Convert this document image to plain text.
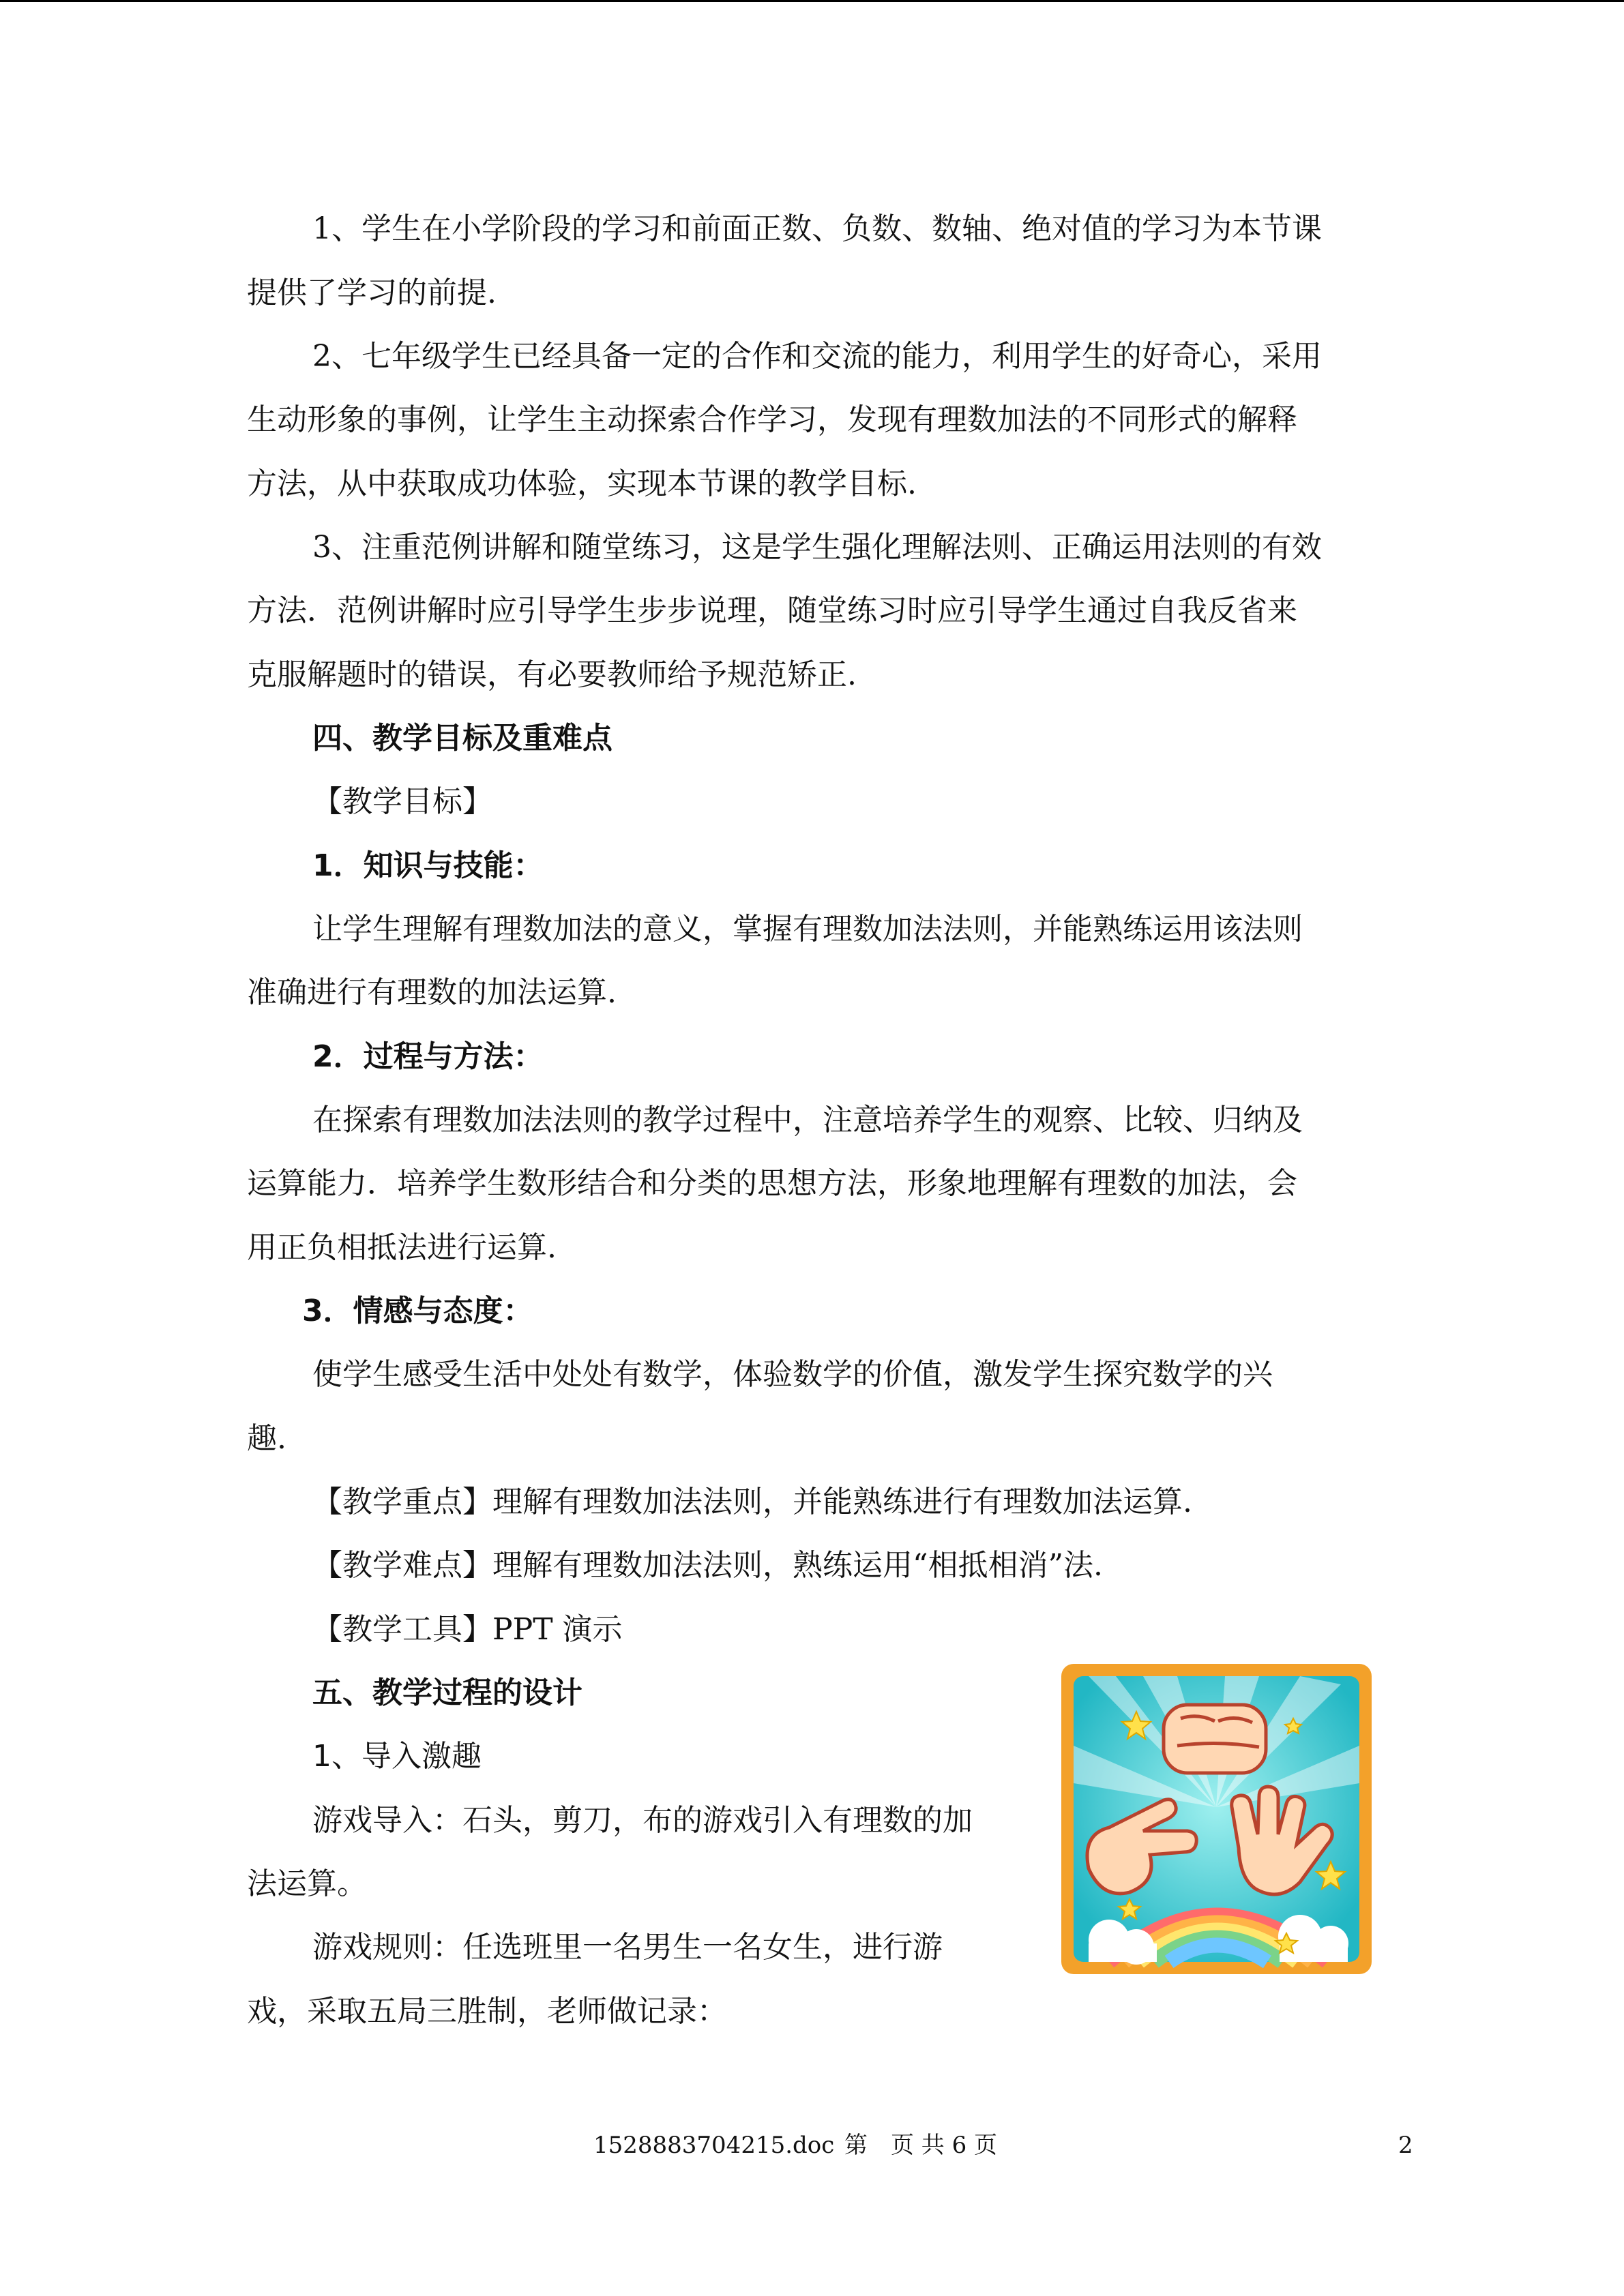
1、学生在小学阶段的学习和前面正数、负数、数轴、绝对值的学习为本节课
提供了学习的前提.
2、七年级学生已经具备一定的合作和交流的能力，利用学生的好奇心，采用
生动形象的事例，让学生主动探索合作学习，发现有理数加法的不同形式的解释
方法，从中获取成功体验，实现本节课的教学目标.
3、注重范例讲解和随堂练习，这是学生强化理解法则、正确运用法则的有效
方法．范例讲解时应引导学生步步说理，随堂练习时应引导学生通过自我反省来
克服解题时的错误，有必要教师给予规范矫正.
四、教学目标及重难点
【教学目标】
1．知识与技能：
让学生理解有理数加法的意义，掌握有理数加法法则，并能熟练运用该法则
准确进行有理数的加法运算.
2．过程与方法：
在探索有理数加法法则的教学过程中，注意培养学生的观察、比较、归纳及
运算能力．培养学生数形结合和分类的思想方法，形象地理解有理数的加法，会
用正负相抵法进行运算.
3．情感与态度：
使学生感受生活中处处有数学，体验数学的价值，激发学生探究数学的兴
趣.
【教学重点】理解有理数加法法则，并能熟练进行有理数加法运算.
【教学难点】理解有理数加法法则，熟练运用“相抵相消”法.
【教学工具】PPT 演示
五、教学过程的设计
1、导入激趣
游戏导入：石头，剪刀，布的游戏引入有理数的加
法运算。
游戏规则：任选班里一名男生一名女生，进行游
戏，采取五局三胜制，老师做记录：
1528883704215.doc 第　页 共 6 页	2
